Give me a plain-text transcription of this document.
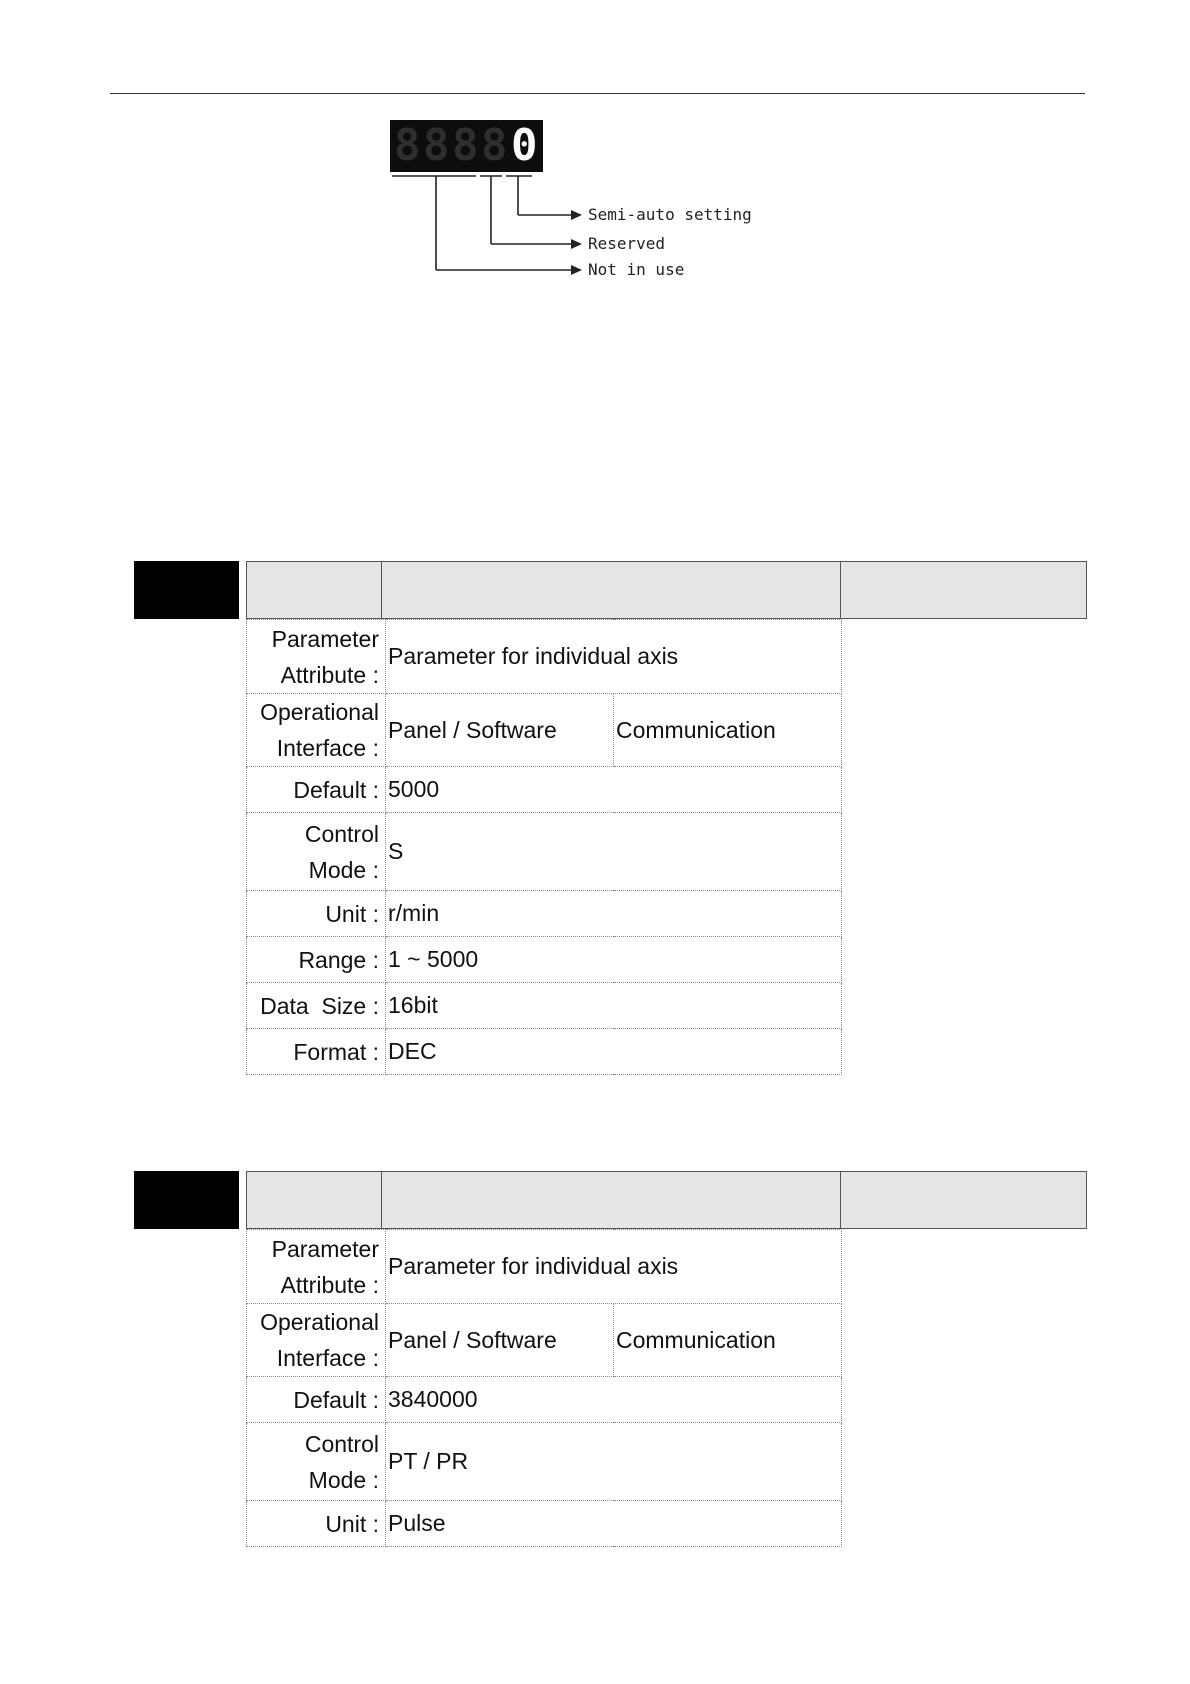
8 8 8 8 0
Semi-auto setting
Reserved
Not in use
Parameter
Attribute :	Parameter for individual axis	

Operational
Interface :	Panel / Software	Communication
Default :	5000	

Control
Mode :	S	
Unit :	r/min	
Range :	1 ~ 5000	
Data  Size :	16bit	
Format :	DEC	
Parameter
Attribute :	Parameter for individual axis	

Operational
Interface :	Panel / Software	Communication
Default :	3840000	

Control
Mode :	PT / PR	
Unit :	Pulse	
